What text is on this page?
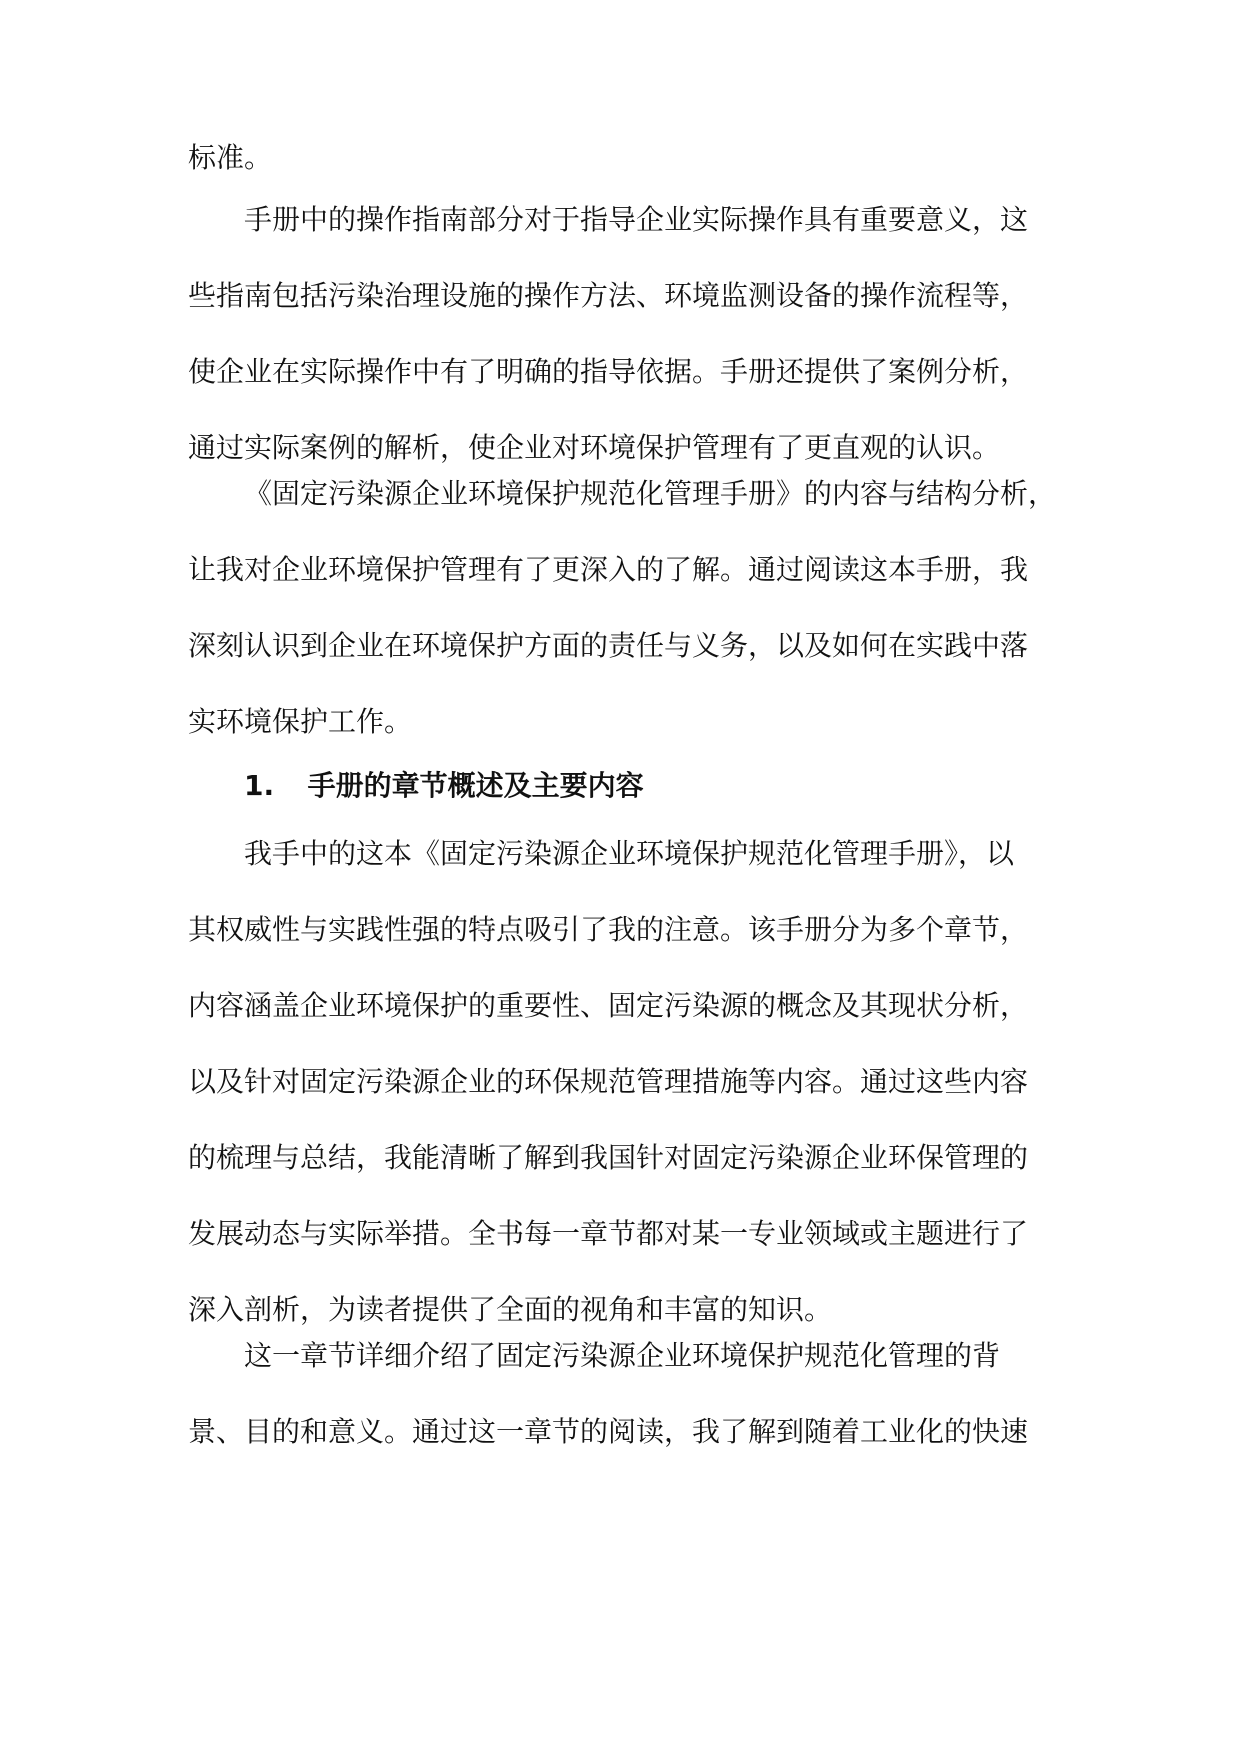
标准。
手册中的操作指南部分对于指导企业实际操作具有重要意义，这
些指南包括污染治理设施的操作方法、环境监测设备的操作流程等，
使企业在实际操作中有了明确的指导依据。手册还提供了案例分析，
通过实际案例的解析，使企业对环境保护管理有了更直观的认识。
《固定污染源企业环境保护规范化管理手册》的内容与结构分析，
让我对企业环境保护管理有了更深入的了解。通过阅读这本手册，我
深刻认识到企业在环境保护方面的责任与义务，以及如何在实践中落
实环境保护工作。
1. 手册的章节概述及主要内容
我手中的这本《固定污染源企业环境保护规范化管理手册》，以
其权威性与实践性强的特点吸引了我的注意。该手册分为多个章节，
内容涵盖企业环境保护的重要性、固定污染源的概念及其现状分析，
以及针对固定污染源企业的环保规范管理措施等内容。通过这些内容
的梳理与总结，我能清晰了解到我国针对固定污染源企业环保管理的
发展动态与实际举措。全书每一章节都对某一专业领域或主题进行了
深入剖析，为读者提供了全面的视角和丰富的知识。
这一章节详细介绍了固定污染源企业环境保护规范化管理的背
景、目的和意义。通过这一章节的阅读，我了解到随着工业化的快速
